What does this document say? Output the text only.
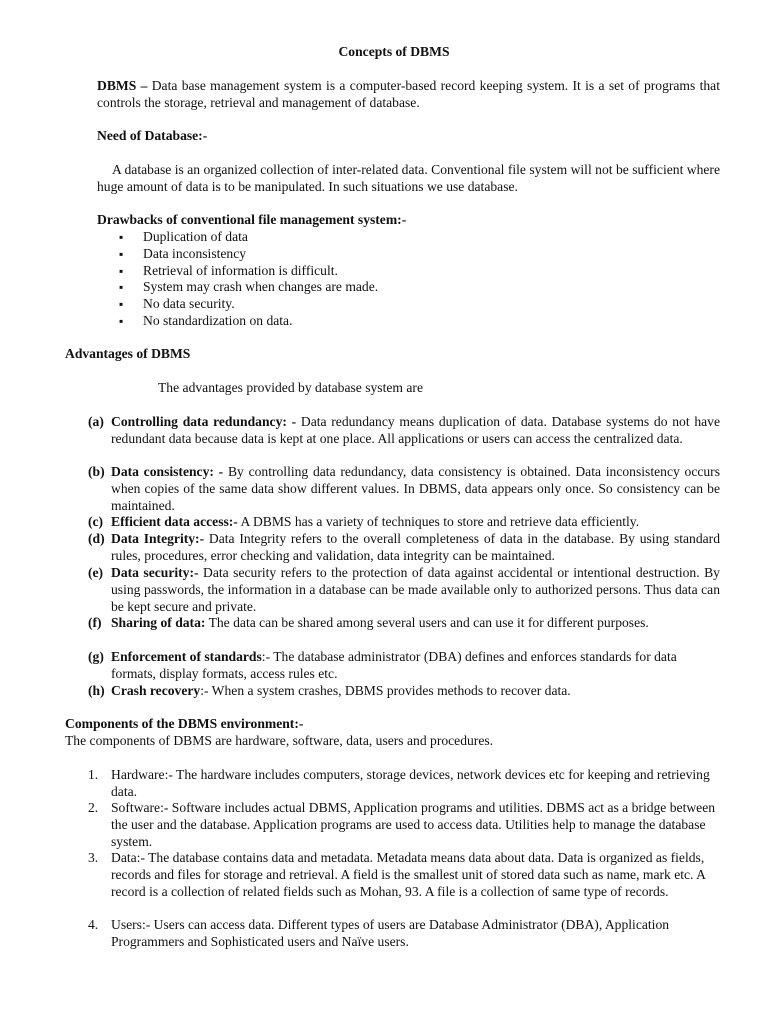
Concepts of DBMS
DBMS – Data base management system is a computer-based record keeping system. It is a set of programs that controls the storage, retrieval and management of database.
Need of Database:-
A database is an organized collection of inter-related data. Conventional file system will not be sufficient where huge amount of data is to be manipulated. In such situations we use database.
Drawbacks of conventional file management system:-
▪ Duplication of data
▪ Data inconsistency
▪ Retrieval of information is difficult.
▪ System may crash when changes are made.
▪ No data security.
▪ No standardization on data.
Advantages of DBMS
The advantages provided by database system are
(a) Controlling data redundancy: - Data redundancy means duplication of data. Database systems do not have redundant data because data is kept at one place. All applications or users can access the centralized data.
(b) Data consistency: - By controlling data redundancy, data consistency is obtained. Data inconsistency occurs when copies of the same data show different values. In DBMS, data appears only once. So consistency can be maintained.
(c) Efficient data access:- A DBMS has a variety of techniques to store and retrieve data efficiently.
(d) Data Integrity:- Data Integrity refers to the overall completeness of data in the database. By using standard rules, procedures, error checking and validation, data integrity can be maintained.
(e) Data security:- Data security refers to the protection of data against accidental or intentional destruction. By using passwords, the information in a database can be made available only to authorized persons. Thus data can be kept secure and private.
(f) Sharing of data: The data can be shared among several users and can use it for different purposes.
(g) Enforcement of standards:- The database administrator (DBA) defines and enforces standards for data formats, display formats, access rules etc.
(h) Crash recovery:- When a system crashes, DBMS provides methods to recover data.
Components of the DBMS environment:-
The components of DBMS are hardware, software, data, users and procedures.
1. Hardware:- The hardware includes computers, storage devices, network devices etc for keeping and retrieving data.
2. Software:- Software includes actual DBMS, Application programs and utilities. DBMS act as a bridge between the user and the database. Application programs are used to access data. Utilities help to manage the database system.
3. Data:- The database contains data and metadata. Metadata means data about data. Data is organized as fields, records and files for storage and retrieval. A field is the smallest unit of stored data such as name, mark etc. A record is a collection of related fields such as Mohan, 93. A file is a collection of same type of records.
4. Users:- Users can access data. Different types of users are Database Administrator (DBA), Application Programmers and Sophisticated users and Naïve users.
